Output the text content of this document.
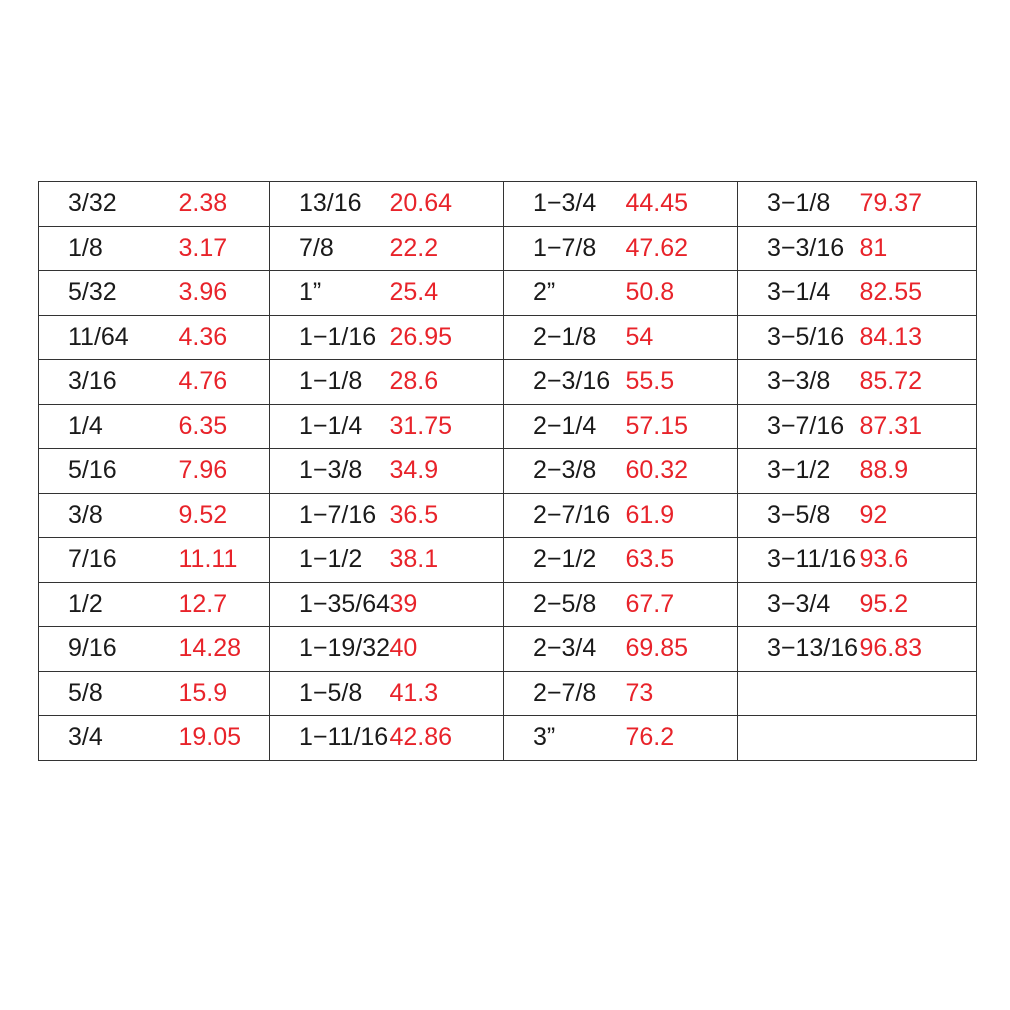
3/32	2.38	13/16	20.64	1−3/4	44.45	3−1/8	79.37
1/8	3.17	7/8	22.2	1−7/8	47.62	3−3/16	81
5/32	3.96	1”	25.4	2”	50.8	3−1/4	82.55
11/64	4.36	1−1/16	26.95	2−1/8	54	3−5/16	84.13
3/16	4.76	1−1/8	28.6	2−3/16	55.5	3−3/8	85.72
1/4	6.35	1−1/4	31.75	2−1/4	57.15	3−7/16	87.31
5/16	7.96	1−3/8	34.9	2−3/8	60.32	3−1/2	88.9
3/8	9.52	1−7/16	36.5	2−7/16	61.9	3−5/8	92
7/16	11.11	1−1/2	38.1	2−1/2	63.5	3−11/16	93.6
1/2	12.7	1−35/64	39	2−5/8	67.7	3−3/4	95.2
9/16	14.28	1−19/32	40	2−3/4	69.85	3−13/16	96.83
5/8	15.9	1−5/8	41.3	2−7/8	73		
3/4	19.05	1−11/16	42.86	3”	76.2		
